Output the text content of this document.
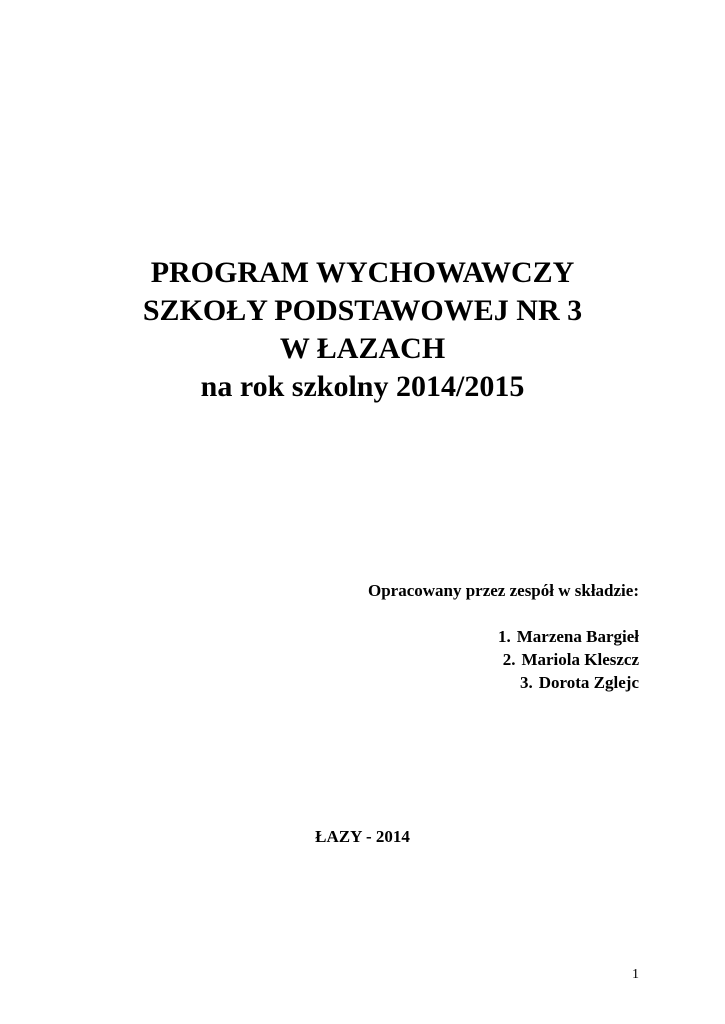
PROGRAM WYCHOWAWCZY
SZKOŁY PODSTAWOWEJ NR 3
W ŁAZACH
na rok szkolny 2014/2015
Opracowany przez zespół w składzie:
1. Marzena Bargieł
2. Mariola Kleszcz
3. Dorota Zglejc
ŁAZY - 2014
1
